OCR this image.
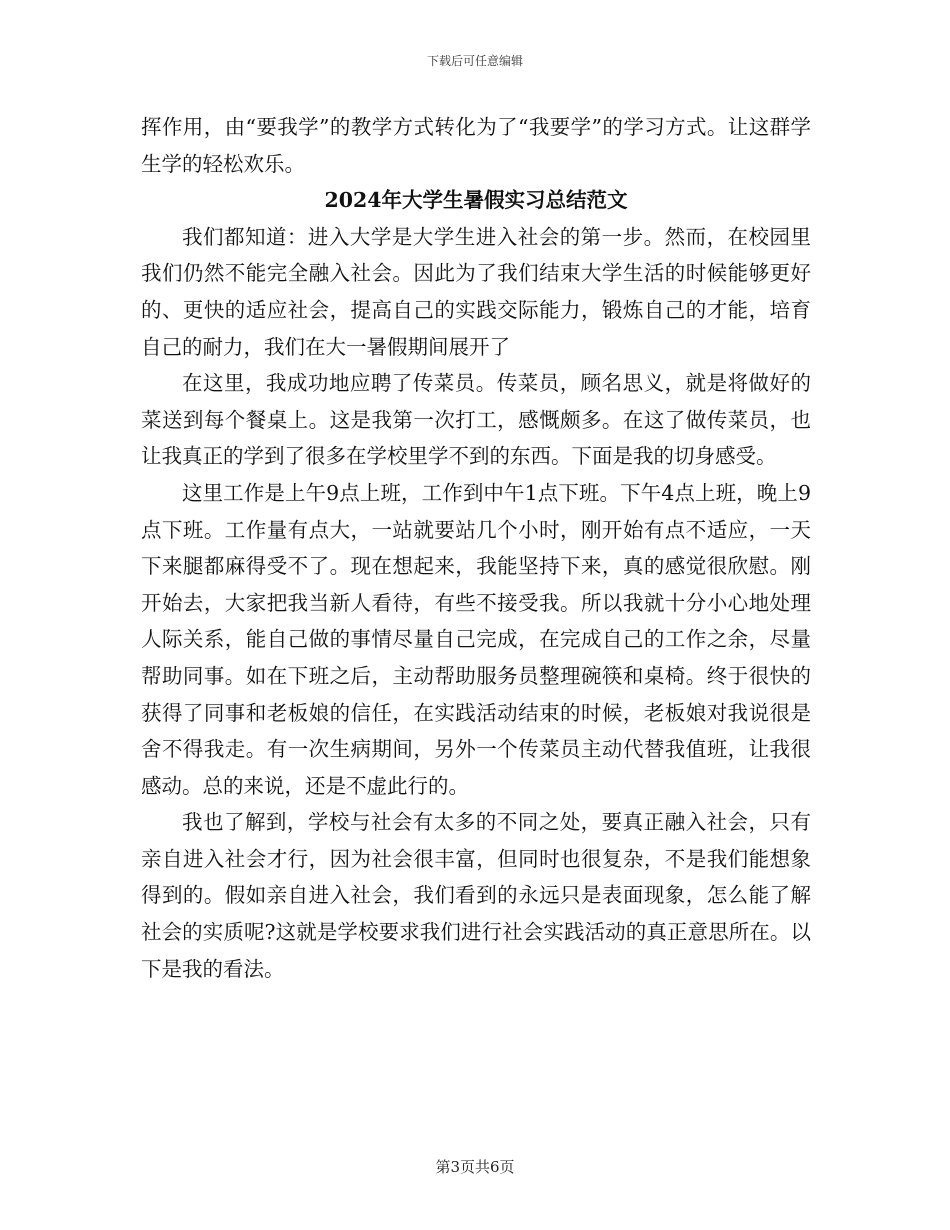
下载后可任意编辑

挥作用，由“要我学”的教学方式转化为了“我要学”的学习方式。让这群学生学的轻松欢乐。

2024年大学生暑假实习总结范文

我们都知道：进入大学是大学生进入社会的第一步。然而，在校园里我们仍然不能完全融入社会。因此为了我们结束大学生活的时候能够更好的、更快的适应社会，提高自己的实践交际能力，锻炼自己的才能，培育自己的耐力，我们在大一暑假期间展开了

在这里，我成功地应聘了传菜员。传菜员，顾名思义，就是将做好的菜送到每个餐桌上。这是我第一次打工，感慨颇多。在这了做传菜员，也让我真正的学到了很多在学校里学不到的东西。下面是我的切身感受。

这里工作是上午9点上班，工作到中午1点下班。下午4点上班，晚上9点下班。工作量有点大，一站就要站几个小时，刚开始有点不适应，一天下来腿都麻得受不了。现在想起来，我能坚持下来，真的感觉很欣慰。刚开始去，大家把我当新人看待，有些不接受我。所以我就十分小心地处理人际关系，能自己做的事情尽量自己完成，在完成自己的工作之余，尽量帮助同事。如在下班之后，主动帮助服务员整理碗筷和桌椅。终于很快的获得了同事和老板娘的信任，在实践活动结束的时候，老板娘对我说很是舍不得我走。有一次生病期间，另外一个传菜员主动代替我值班，让我很感动。总的来说，还是不虚此行的。

我也了解到，学校与社会有太多的不同之处，要真正融入社会，只有亲自进入社会才行，因为社会很丰富，但同时也很复杂，不是我们能想象得到的。假如亲自进入社会，我们看到的永远只是表面现象，怎么能了解社会的实质呢?这就是学校要求我们进行社会实践活动的真正意思所在。以下是我的看法。

第3页共6页
